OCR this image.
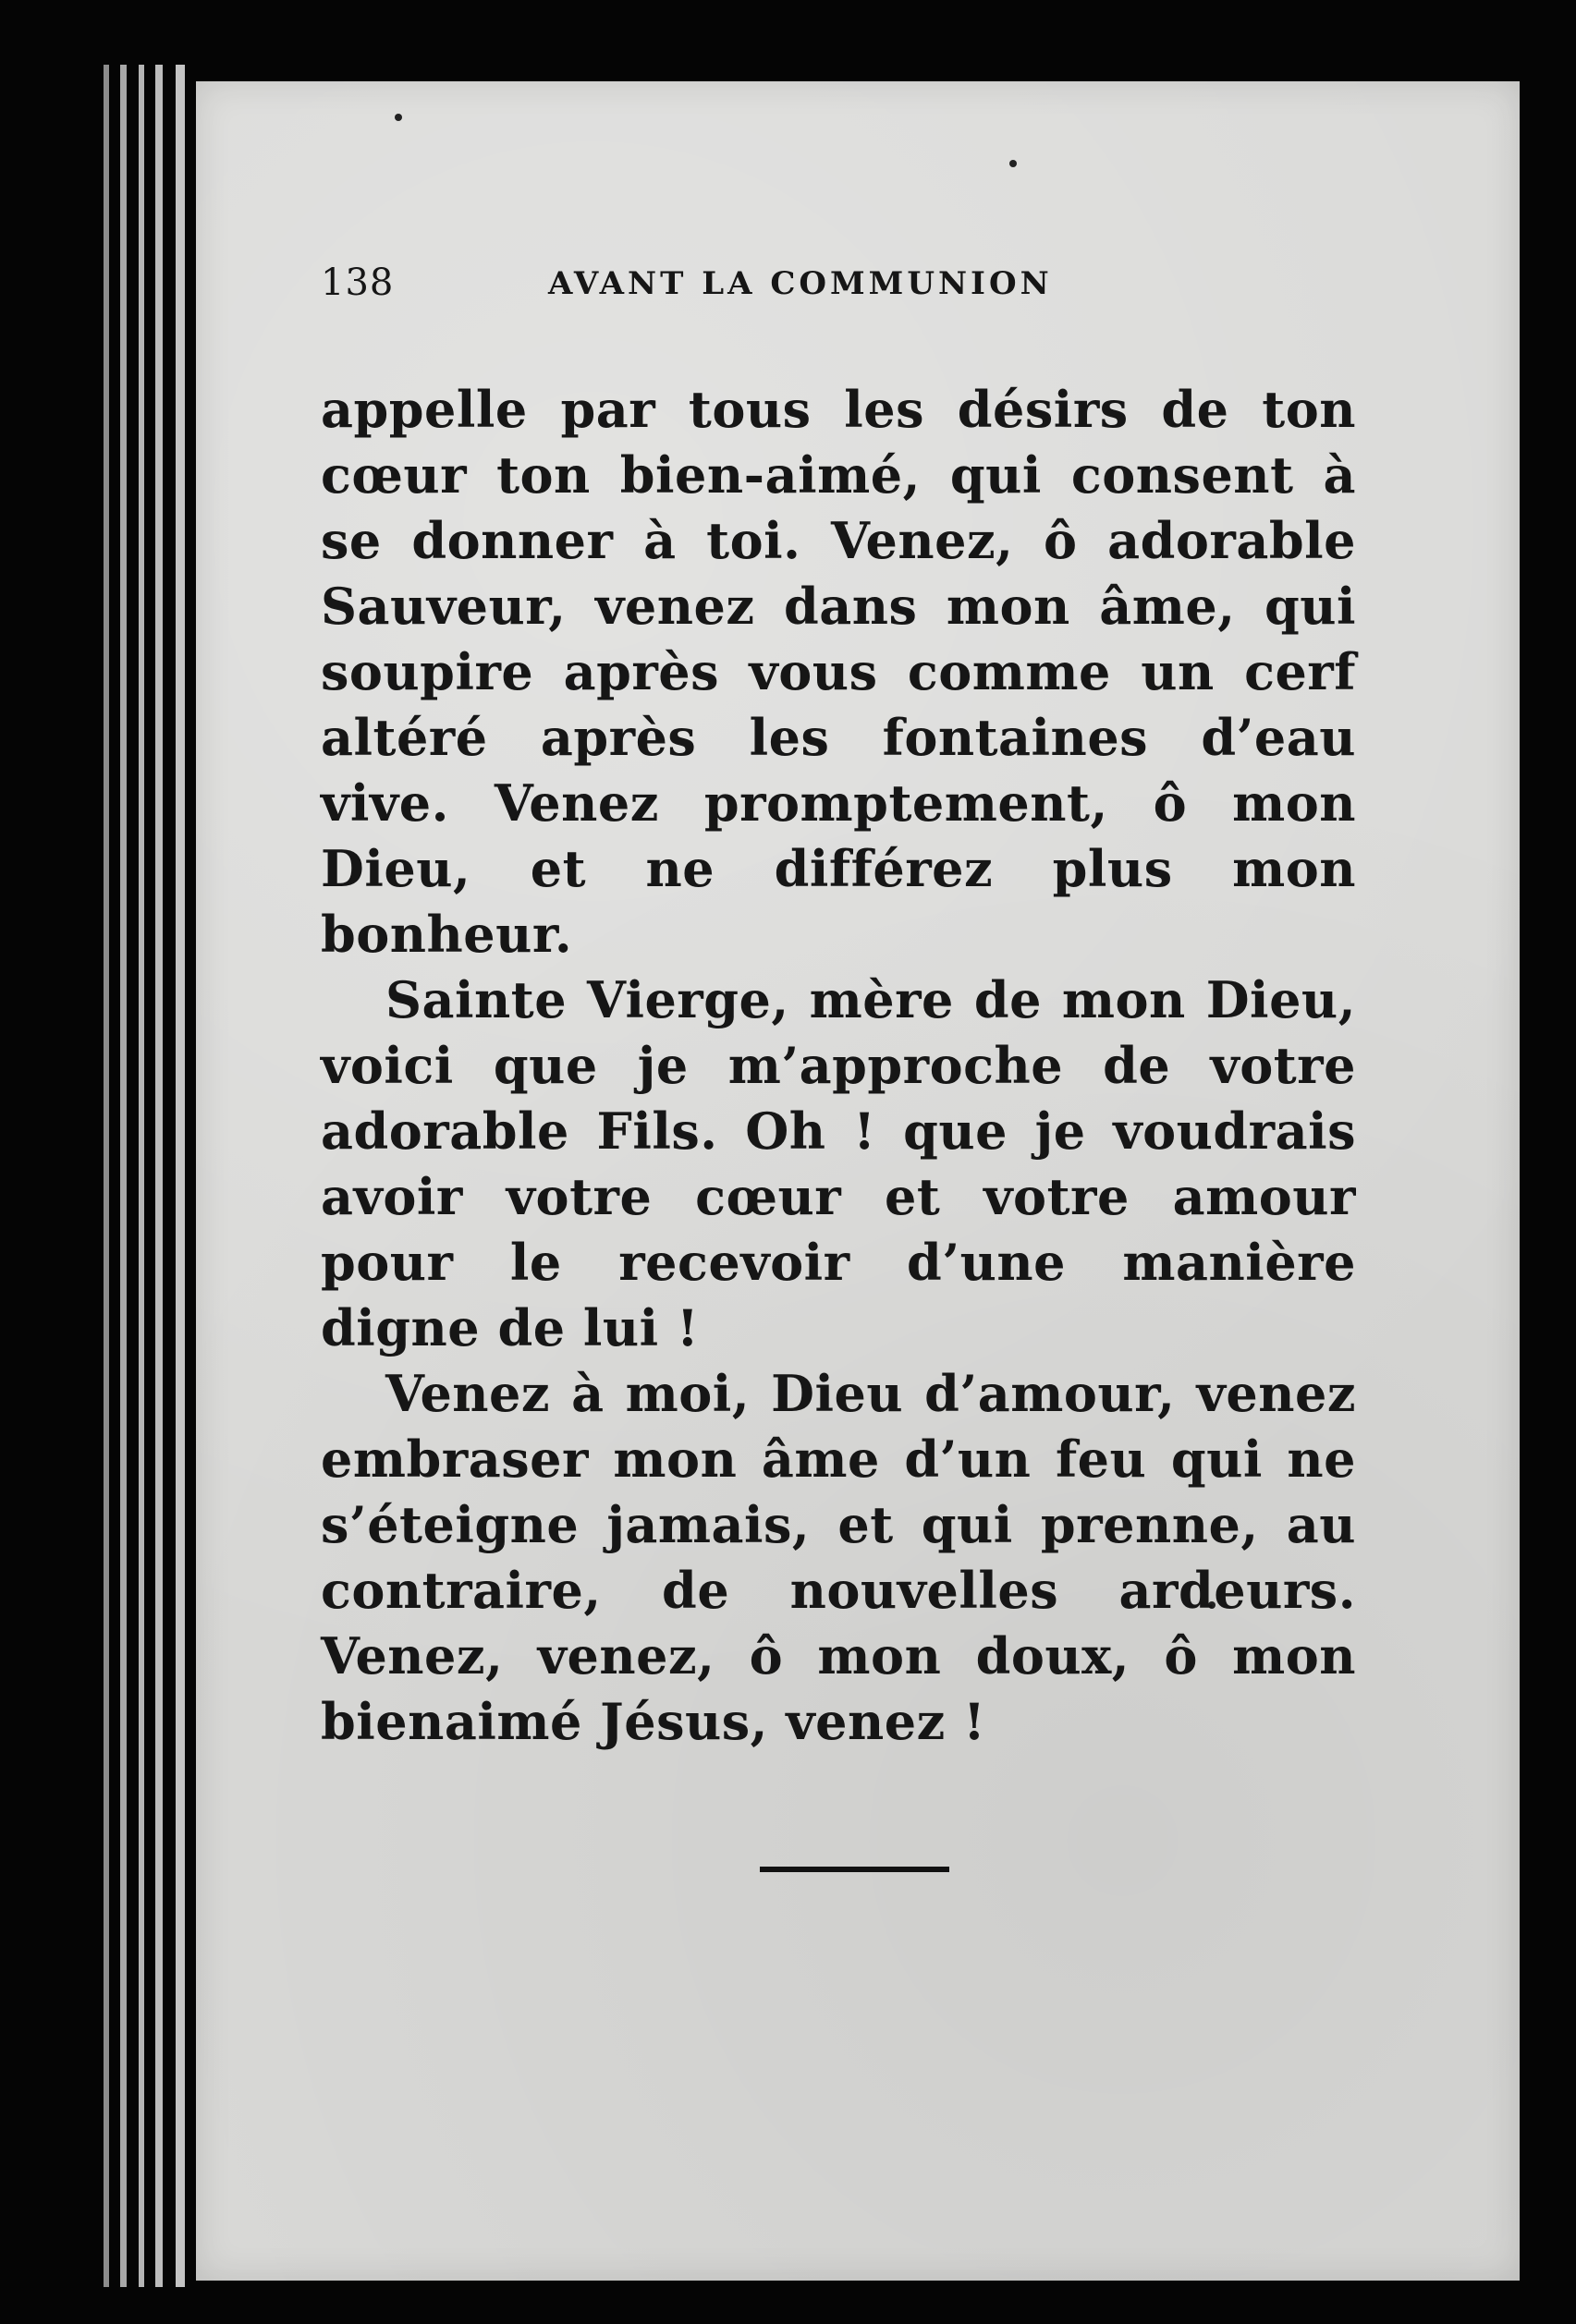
138	AVANT LA COMMUNION

appelle par tous les désirs de ton cœur ton bien-aimé, qui consent à se donner à toi. Venez, ô adorable Sauveur, venez dans mon âme, qui soupire après vous comme un cerf altéré après les fontaines d’eau vive. Venez promptement, ô mon Dieu, et ne différez plus mon bonheur.

Sainte Vierge, mère de mon Dieu, voici que je m’approche de votre adorable Fils. Oh ! que je voudrais avoir votre cœur et votre amour pour le recevoir d’une manière digne de lui !

Venez à moi, Dieu d’amour, venez embraser mon âme d’un feu qui ne s’éteigne jamais, et qui prenne, au contraire, de nouvelles ardeurs. Venez, venez, ô mon doux, ô mon bienaimé Jésus, venez !
